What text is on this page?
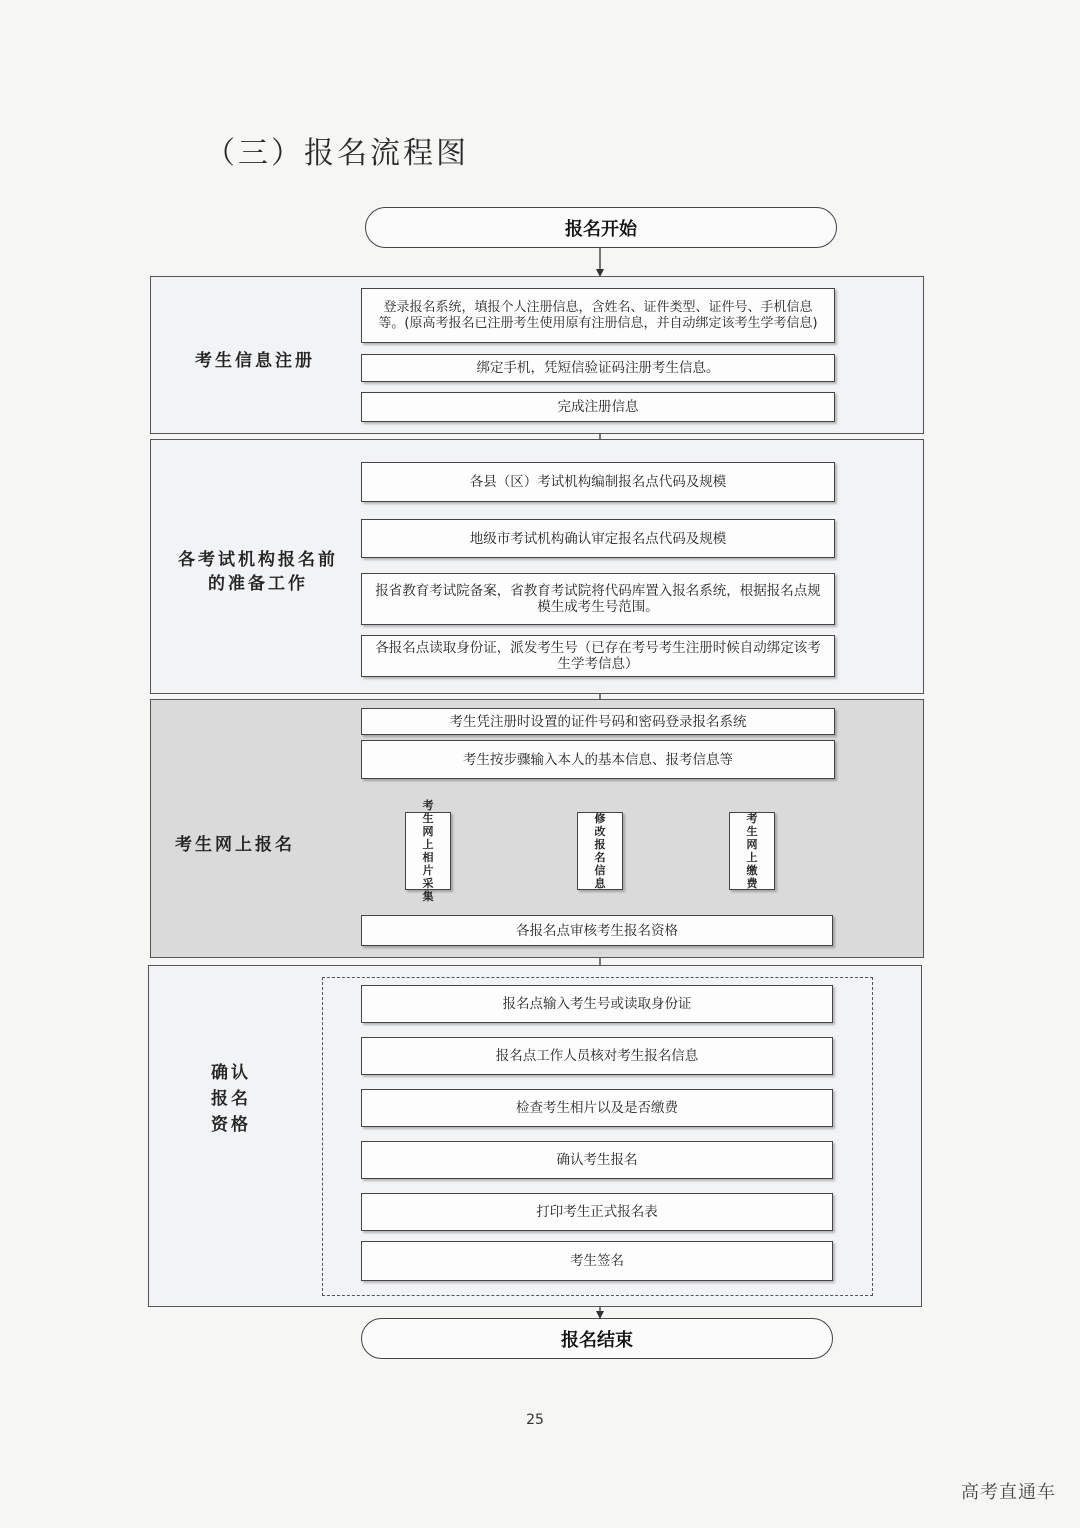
（三）报名流程图
报名开始
考生信息注册
登录报名系统，填报个人注册信息，含姓名、证件类型、证件号、手机信息等。(原高考报名已注册考生使用原有注册信息，并自动绑定该考生学考信息)
绑定手机，凭短信验证码注册考生信息。
完成注册信息
各考试机构报名前的准备工作
各县（区）考试机构编制报名点代码及规模
地级市考试机构确认审定报名点代码及规模
报省教育考试院备案，省教育考试院将代码库置入报名系统，根据报名点规模生成考生号范围。
各报名点读取身份证，派发考生号（已存在考号考生注册时候自动绑定该考生学考信息）
考生网上报名
考生凭注册时设置的证件号码和密码登录报名系统
考生按步骤输入本人的基本信息、报考信息等
考生网上相片采集
修改报名信息
考生网上缴费
各报名点审核考生报名资格
确认报名资格
报名点输入考生号或读取身份证
报名点工作人员核对考生报名信息
检查考生相片以及是否缴费
确认考生报名
打印考生正式报名表
考生签名
报名结束
25
高考直通车
